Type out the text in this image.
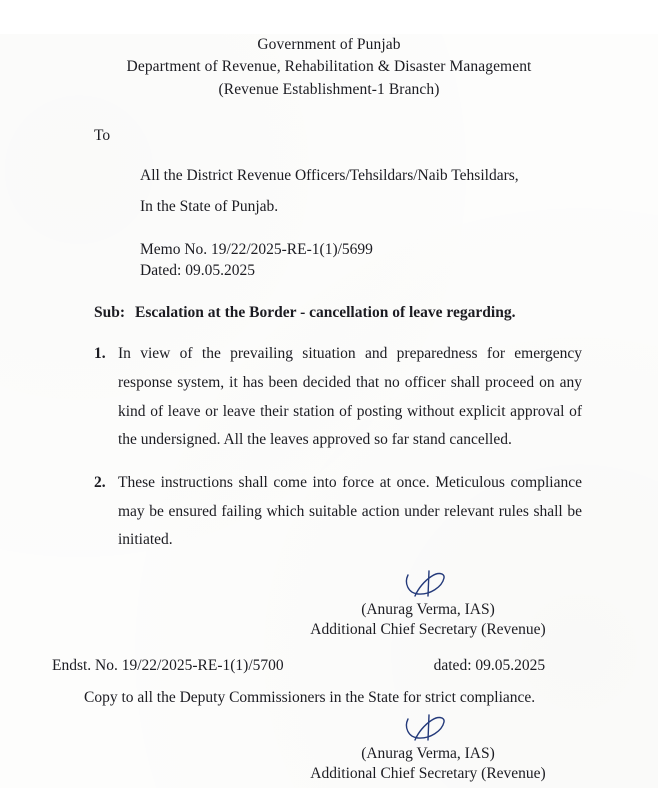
Government of Punjab
Department of Revenue, Rehabilitation & Disaster Management
(Revenue Establishment-1 Branch)
To
All the District Revenue Officers/Tehsildars/Naib Tehsildars,
In the State of Punjab.
Memo No. 19/22/2025-RE-1(1)/5699
Dated: 09.05.2025
Sub: Escalation at the Border - cancellation of leave regarding.
1. In view of the prevailing situation and preparedness for emergency response system, it has been decided that no officer shall proceed on any kind of leave or leave their station of posting without explicit approval of the undersigned. All the leaves approved so far stand cancelled.
2. These instructions shall come into force at once. Meticulous compliance may be ensured failing which suitable action under relevant rules shall be initiated.
(Anurag Verma, IAS)
Additional Chief Secretary (Revenue)
Endst. No. 19/22/2025-RE-1(1)/5700	dated: 09.05.2025
Copy to all the Deputy Commissioners in the State for strict compliance.
(Anurag Verma, IAS)
Additional Chief Secretary (Revenue)
